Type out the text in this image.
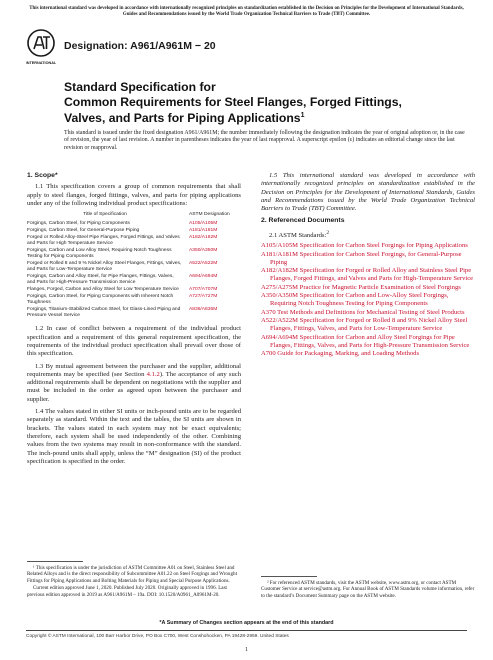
This international standard was developed in accordance with internationally recognized principles on standardization established in the Decision on Principles for the Development of International Standards, Guides and Recommendations issued by the World Trade Organization Technical Barriers to Trade (TBT) Committee.
INTERNATIONAL
Designation: A961/A961M − 20
Standard Specification for
Common Requirements for Steel Flanges, Forged Fittings,
Valves, and Parts for Piping Applications$^1$
This standard is issued under the fixed designation A961/A961M; the number immediately following the designation indicates the year of original adoption or, in the case of revision, the year of last revision. A number in parentheses indicates the year of last reapproval. A superscript epsilon (ε) indicates an editorial change since the last revision or reapproval.
1. Scope*

1.1 This specification covers a group of common requirements that shall apply to steel flanges, forged fittings, valves, and parts for piping applications under any of the following individual product specifications:

Title of Specification	ASTM Designation
Forgings, Carbon Steel, for Piping Components	A105/A105M
Forgings, Carbon Steel, for General-Purpose Piping	A181/A181M
Forged or Rolled Alloy-Steel Pipe Flanges, Forged Fittings, and Valves and Parts for High Temperature Service	A182/A182M
Forgings, Carbon and Low Alloy Steel, Requiring Notch Toughness Testing for Piping Components	A350/A350M
Forged or Rolled 8 and 9 % Nickel Alloy Steel Flanges, Fittings, Valves, and Parts for Low-Temperature Service	A522/A522M
Forgings, Carbon and Alloy Steel, for Pipe Flanges, Fittings, Valves, and Parts for High-Pressure Transmission Service	A694/A694M
Flanges, Forged, Carbon and Alloy Steel for Low Temperature Service	A707/A707M
Forgings, Carbon Steel, for Piping Components with Inherent Notch Toughness	A727/A727M
Forgings, Titanium-Stabilized Carbon Steel, for Glass-Lined Piping and Pressure Vessel Service	A836/A836M

1.2 In case of conflict between a requirement of the individual product specification and a requirement of this general requirement specification, the requirements of the individual product specification shall prevail over those of this specification.

1.3 By mutual agreement between the purchaser and the supplier, additional requirements may be specified (see Section 4.1.2). The acceptance of any such additional requirements shall be dependent on negotiations with the supplier and must be included in the order as agreed upon between the purchaser and supplier.

1.4 The values stated in either SI units or inch-pound units are to be regarded separately as standard. Within the text and the tables, the SI units are shown in brackets. The values stated in each system may not be exact equivalents; therefore, each system shall be used independently of the other. Combining values from the two systems may result in non-conformance with the standard. The inch-pound units shall apply, unless the “M” designation (SI) of the product specification is specified in the order.

1.5 This international standard was developed in accordance with internationally recognized principles on standardization established in the Decision on Principles for the Development of International Standards, Guides and Recommendations issued by the World Trade Organization Technical Barriers to Trade (TBT) Committee.

2. Referenced Documents

2.1 ASTM Standards:$^2$

A105/A105M Specification for Carbon Steel Forgings for Piping Applications

A181/A181M Specification for Carbon Steel Forgings, for General-Purpose Piping

A182/A182M Specification for Forged or Rolled Alloy and Stainless Steel Pipe Flanges, Forged Fittings, and Valves and Parts for High-Temperature Service

A275/A275M Practice for Magnetic Particle Examination of Steel Forgings

A350/A350M Specification for Carbon and Low-Alloy Steel Forgings, Requiring Notch Toughness Testing for Piping Components

A370 Test Methods and Definitions for Mechanical Testing of Steel Products

A522/A522M Specification for Forged or Rolled 8 and 9% Nickel Alloy Steel Flanges, Fittings, Valves, and Parts for Low-Temperature Service

A694/A694M Specification for Carbon and Alloy Steel Forgings for Pipe Flanges, Fittings, Valves, and Parts for High-Pressure Transmission Service

A700 Guide for Packaging, Marking, and Loading Methods

¹ This specification is under the jurisdiction of ASTM Committee A01 on Steel, Stainless Steel and Related Alloys and is the direct responsibility of Subcommittee A01.22 on Steel Forgings and Wrought Fittings for Piping Applications and Bolting Materials for Piping and Special Purpose Applications.

Current edition approved June 1, 2020. Published July 2020. Originally approved in 1996. Last previous edition approved in 2019 as A961/A961M – 19a. DOI: 10.1520/A0961_A0961M-20.

² For referenced ASTM standards, visit the ASTM website, www.astm.org, or contact ASTM Customer Service at service@astm.org. For Annual Book of ASTM Standards volume information, refer to the standard’s Document Summary page on the ASTM website.

*A Summary of Changes section appears at the end of this standard
Copyright © ASTM International, 100 Barr Harbor Drive, PO Box C700, West Conshohocken, PA 19428-2959. United States
1
